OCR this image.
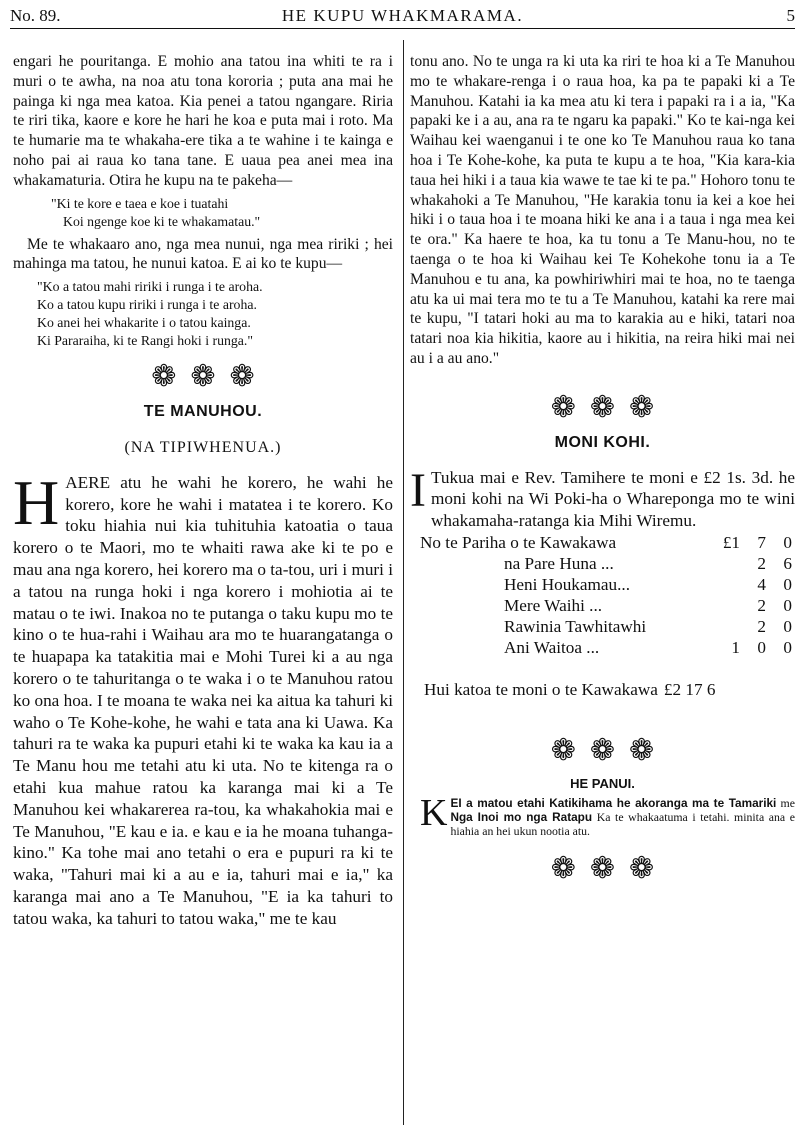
No. 89.	HE KUPU WHAKMARAMA.	5

engari he pouritanga. E mohio ana tatou ina whiti te ra i muri o te awha, na noa atu tona kororia ; puta ana mai he painga ki nga mea katoa. Kia penei a tatou ngangare. Riria te riri tika, kaore e kore he hari he koa e puta mai i roto. Ma te humarie ma te whakaha-ere tika a te wahine i te kainga e noho pai ai raua ko tana tane. E uaua pea anei mea ina whakamaturia. Otira he kupu na te pakeha—

"Ki te kore e taea e koe i tuatahi
Koi ngenge koe ki te whakamatau."

Me te whakaaro ano, nga mea nunui, nga mea ririki ; hei mahinga ma tatou, he nunui katoa. E ai ko te kupu—

"Ko a tatou mahi ririki i runga i te aroha.
Ko a tatou kupu ririki i runga i te aroha.
Ko anei hei whakarite i o tatou kainga.
Ki Pararaiha, ki te Rangi hoki i runga."
❁❁❁
TE MANUHOU.
(NA TIPIWHENUA.)

HAERE atu he wahi he korero, he wahi he korero, kore he wahi i matatea i te korero. Ko toku hiahia nui kia tuhituhia katoatia o taua korero o te Maori, mo te whaiti rawa ake ki te po e mau ana nga korero, hei korero ma o ta-tou, uri i muri i a tatou na runga hoki i nga korero i mohiotia ai te matau o te iwi. Inakoa no te putanga o taku kupu mo te kino o te hua-rahi i Waihau ara mo te huarangatanga o te huapapa ka tatakitia mai e Mohi Turei ki a au nga korero o te tahuritanga o te waka i o te Manuhou ratou ko ona hoa. I te moana te waka nei ka aitua ka tahuri ki waho o Te Kohe-kohe, he wahi e tata ana ki Uawa. Ka tahuri ra te waka ka pupuri etahi ki te waka ka kau ia a Te Manu hou me tetahi atu ki uta. No te kitenga ra o etahi kua mahue ratou ka karanga mai ki a Te Manuhou kei whakarerea ra-tou, ka whakahokia mai e Te Manuhou, "E kau e ia. e kau e ia he moana tuhanga-kino." Ka tohe mai ano tetahi o era e pupuri ra ki te waka, "Tahuri mai ki a au e ia, tahuri mai e ia," ka karanga mai ano a Te Manuhou, "E ia ka tahuri to tatou waka, ka tahuri to tatou waka," me te kau

tonu ano. No te unga ra ki uta ka riri te hoa ki a Te Manuhou mo te whakare-renga i o raua hoa, ka pa te papaki ki a Te Manuhou. Katahi ia ka mea atu ki tera i papaki ra i a ia, "Ka papaki ke i a au, ana ra te ngaru ka papaki." Ko te kai-nga kei Waihau kei waenganui i te one ko Te Manuhou raua ko tana hoa i Te Kohe-kohe, ka puta te kupu a te hoa, "Kia kara-kia taua hei hiki i a taua kia wawe te tae ki te pa." Hohoro tonu te whakahoki a Te Manuhou, "He karakia tonu ia kei a koe hei hiki i o taua hoa i te moana hiki ke ana i a taua i nga mea kei te ora." Ka haere te hoa, ka tu tonu a Te Manu-hou, no te taenga o te hoa ki Waihau kei Te Kohekohe tonu ia a Te Manuhou e tu ana, ka powhiriwhiri mai te hoa, no te taenga atu ka ui mai tera mo te tu a Te Manuhou, katahi ka rere mai te kupu, "I tatari hoki au ma to karakia au e hiki, tatari noa tatari noa kia hikitia, kaore au i hikitia, na reira hiki mai nei au i a au ano."

❁❁❁
MONI KOHI.

I Tukua mai e Rev. Tamihere te moni e £2 1s. 3d. he moni kohi na Wi Poki-ha o Whareponga mo te wini whakamaha-ratanga kia Mihi Wiremu.

No te Pariha o te Kawakawa	£1	7	0
na Pare Huna ...		2	6
Heni Houkamau...		4	0
Mere Waihi ...		2	0
Rawinia Tawhitawhi		2	0
Ani Waitoa ...	1	0	0
Hui katoa te moni o te Kawakawa £2 17 6
❁❁❁
HE PANUI.

KEI a matou etahi Katikihama he akoranga ma te Tamariki me Nga Inoi mo nga Ratapu Ka te whakaatuma i tetahi. minita ana e hiahia an hei ukun nootia atu.

❁❁❁
